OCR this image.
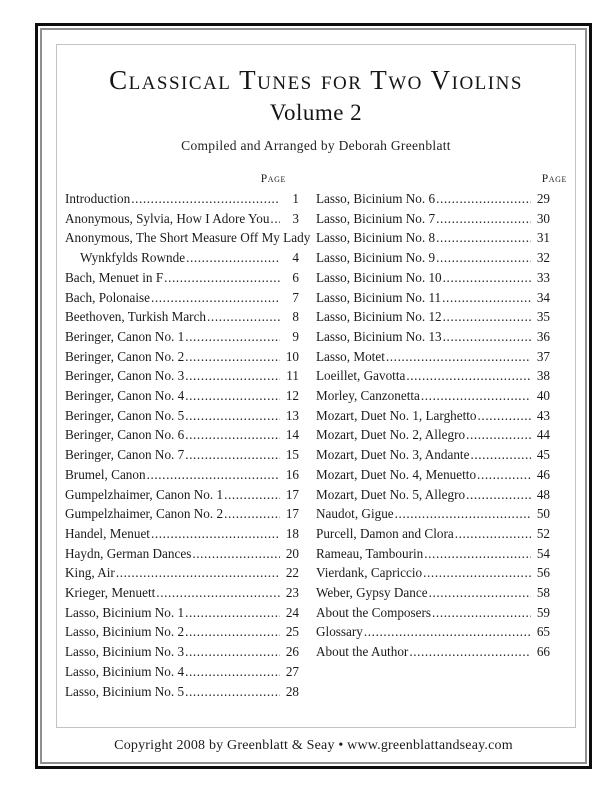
Classical Tunes for Two Violins
Volume 2
Compiled and Arranged by Deborah Greenblatt
Page
Introduction .....	1
Anonymous, Sylvia, How I Adore You .....	3
Anonymous, The Short Measure Off My Lady
Wynkfylds Rownde .....	4
Bach, Menuet in F .....	6
Bach, Polonaise .....	7
Beethoven, Turkish March .....	8
Beringer, Canon No. 1 .....	9
Beringer, Canon No. 2 .....	10
Beringer, Canon No. 3 .....	11
Beringer, Canon No. 4 .....	12
Beringer, Canon No. 5 .....	13
Beringer, Canon No. 6 .....	14
Beringer, Canon No. 7 .....	15
Brumel, Canon .....	16
Gumpelzhaimer, Canon No. 1 .....	17
Gumpelzhaimer, Canon No. 2 .....	17
Handel, Menuet .....	18
Haydn, German Dances .....	20
King, Air .....	22
Krieger, Menuett .....	23
Lasso, Bicinium No. 1 .....	24
Lasso, Bicinium No. 2 .....	25
Lasso, Bicinium No. 3 .....	26
Lasso, Bicinium No. 4 .....	27
Lasso, Bicinium No. 5 .....	28
Page
Lasso, Bicinium No. 6 .....	29
Lasso, Bicinium No. 7 .....	30
Lasso, Bicinium No. 8 .....	31
Lasso, Bicinium No. 9 .....	32
Lasso, Bicinium No. 10 .....	33
Lasso, Bicinium No. 11 .....	34
Lasso, Bicinium No. 12 .....	35
Lasso, Bicinium No. 13 .....	36
Lasso, Motet .....	37
Loeillet, Gavotta .....	38
Morley, Canzonetta .....	40
Mozart, Duet No. 1, Larghetto .....	43
Mozart, Duet No. 2, Allegro .....	44
Mozart, Duet No. 3, Andante .....	45
Mozart, Duet No. 4, Menuetto .....	46
Mozart, Duet No. 5, Allegro .....	48
Naudot, Gigue .....	50
Purcell, Damon and Clora .....	52
Rameau, Tambourin .....	54
Vierdank, Capriccio .....	56
Weber, Gypsy Dance .....	58
About the Composers .....	59
Glossary .....	65
About the Author .....	66
Copyright 2008 by Greenblatt & Seay • www.greenblattandseay.com
